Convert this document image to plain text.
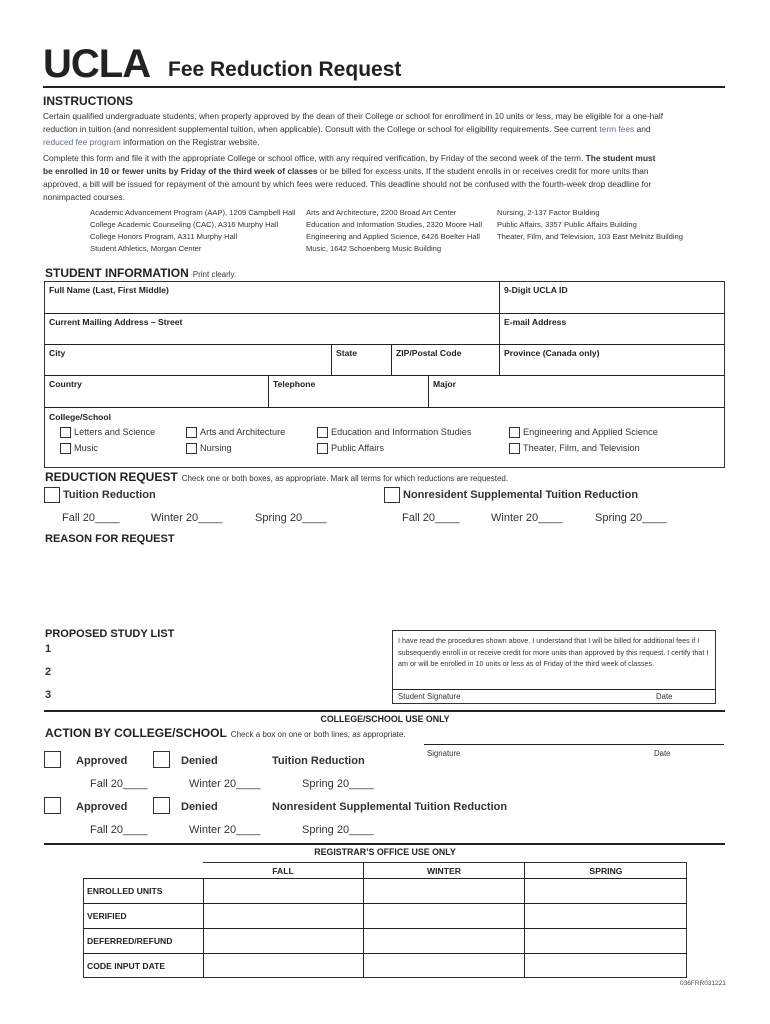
UCLA Fee Reduction Request
INSTRUCTIONS
Certain qualified undergraduate students, when properly approved by the dean of their College or school for enrollment in 10 units or less, may be eligible for a one-half
reduction in tuition (and nonresident supplemental tuition, when applicable). Consult with the College or school for eligibility requirements. See current term fees and
reduced fee program information on the Registrar website.
Complete this form and file it with the appropriate College or school office, with any required verification, by Friday of the second week of the term. The student must
be enrolled in 10 or fewer units by Friday of the third week of classes or be billed for excess units. If the student enrolls in or receives credit for more units than
approved, a bill will be issued for repayment of the amount by which fees were reduced. This deadline should not be confused with the fourth-week drop deadline for
nonimpacted courses.
Academic Advancement Program (AAP), 1209 Campbell Hall
College Academic Counseling (CAC), A316 Murphy Hall
College Honors Program, A311 Murphy Hall
Student Athletics, Morgan Center
Arts and Architecture, 2200 Broad Art Center
Education and Information Studies, 2320 Moore Hall
Engineering and Applied Science, 6426 Boelter Hall
Music, 1642 Schoenberg Music Building
Nursing, 2-137 Factor Building
Public Affairs, 3357 Public Affairs Building
Theater, Film, and Television, 103 East Melnitz Building
STUDENT INFORMATION Print clearly.
Full Name (Last, First Middle)	9-Digit UCLA ID
Current Mailing Address – Street	E-mail Address
City	State	ZIP/Postal Code	Province (Canada only)
Country	Telephone	Major
College/School
Letters and Science	Arts and Architecture	Education and Information Studies	Engineering and Applied Science
Music	Nursing	Public Affairs	Theater, Film, and Television
REDUCTION REQUEST Check one or both boxes, as appropriate. Mark all terms for which reductions are requested.
Tuition Reduction	Nonresident Supplemental Tuition Reduction
Fall 20____	Winter 20____	Spring 20____	Fall 20____	Winter 20____	Spring 20____
REASON FOR REQUEST
PROPOSED STUDY LIST
1
2
3
I have read the procedures shown above. I understand that I will be billed for additional fees if I subsequently enroll in or receive credit for more units than approved by this request. I certify that I am or will be enrolled in 10 units or less as of Friday of the third week of classes.
Student Signature	Date
COLLEGE/SCHOOL USE ONLY
ACTION BY COLLEGE/SCHOOL Check a box on one or both lines, as appropriate.
Signature	Date
Approved	Denied	Tuition Reduction
Fall 20____	Winter 20____	Spring 20____
Approved	Denied	Nonresident Supplemental Tuition Reduction
Fall 20____	Winter 20____	Spring 20____
REGISTRAR’S OFFICE USE ONLY
FALL	WINTER	SPRING
ENROLLED UNITS
VERIFIED
DEFERRED/REFUND
CODE INPUT DATE
036FRR031221
